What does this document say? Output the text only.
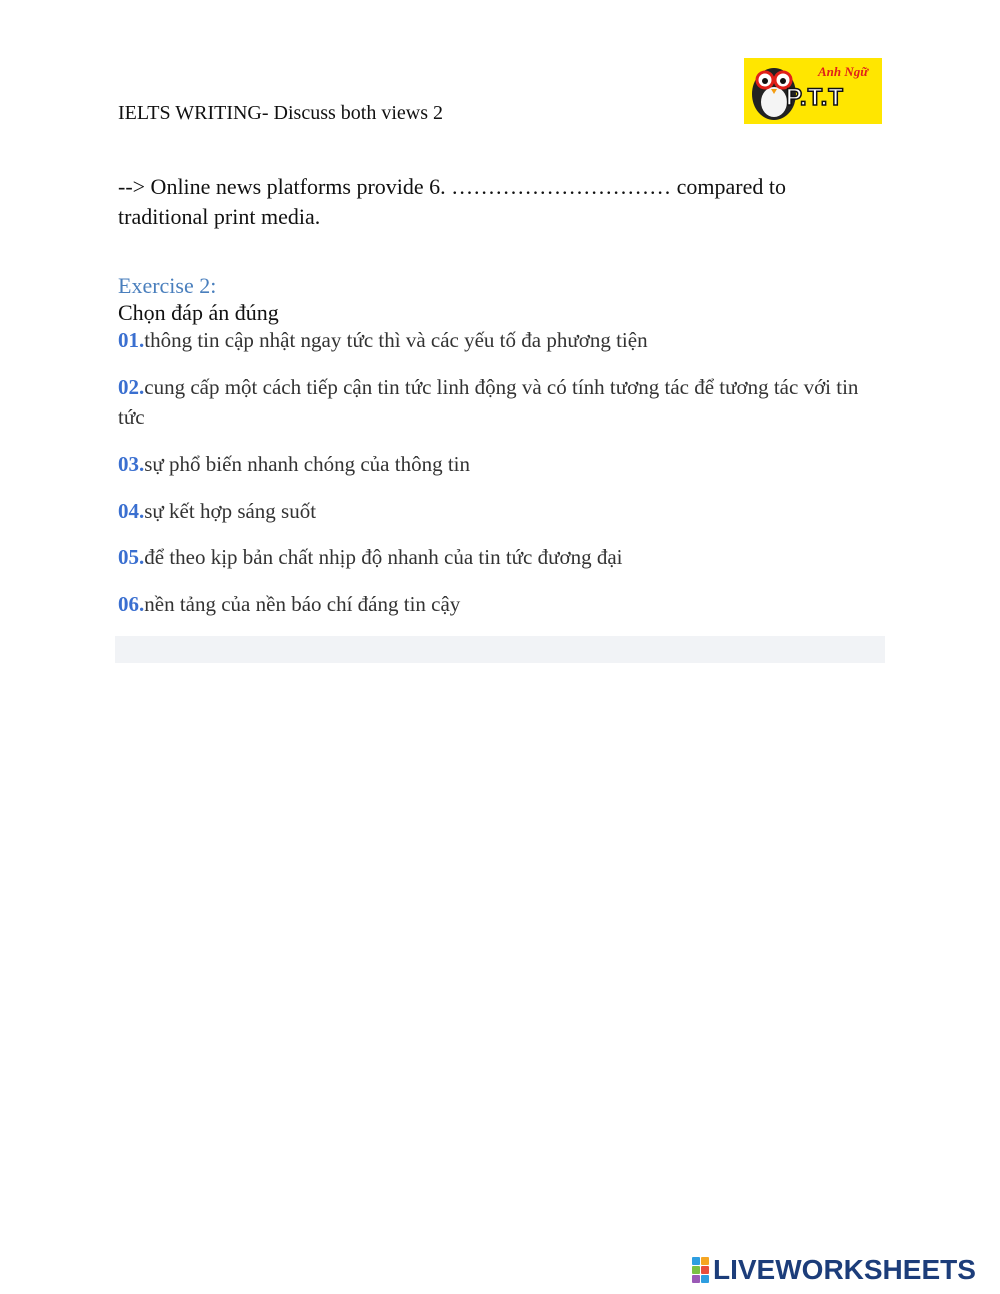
IELTS WRITING- Discuss both views 2
Anh Ngữ
P.T.T
--> Online news platforms provide 6. ………………………… compared to traditional print media.
Exercise 2:
Chọn đáp án đúng
01.thông tin cập nhật ngay tức thì và các yếu tố đa phương tiện
02.cung cấp một cách tiếp cận tin tức linh động và có tính tương tác để tương tác với tin tức
03.sự phổ biến nhanh chóng của thông tin
04.sự kết hợp sáng suốt
05.để theo kịp bản chất nhịp độ nhanh của tin tức đương đại
06.nền tảng của nền báo chí đáng tin cậy
LIVEWORKSHEETS
